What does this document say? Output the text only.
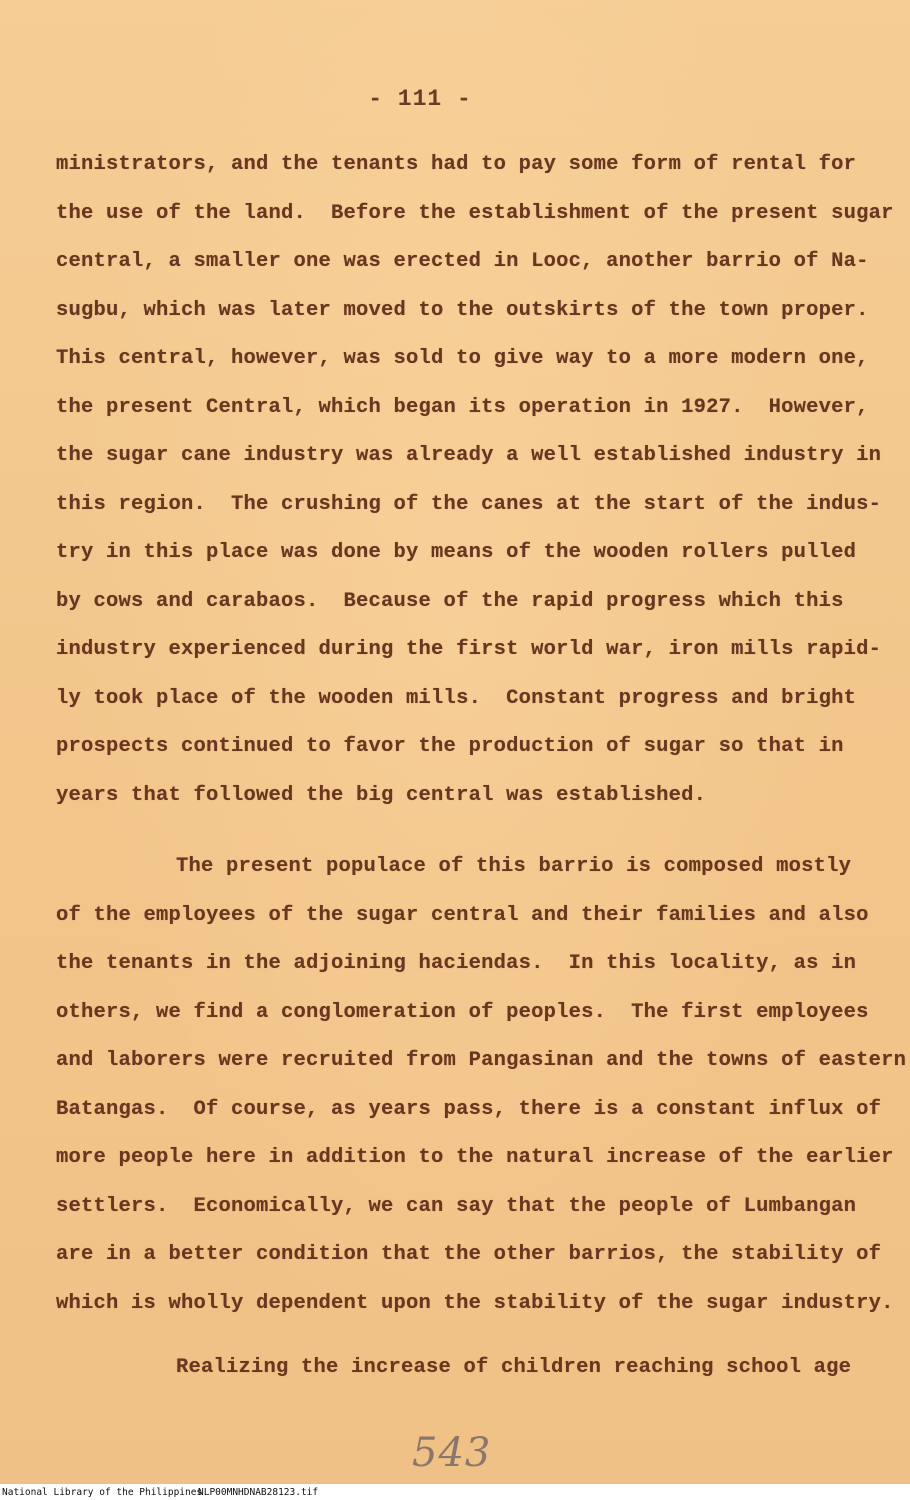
- 111 -
ministrators, and the tenants had to pay some form of rental for
the use of the land.  Before the establishment of the present sugar
central, a smaller one was erected in Looc, another barrio of Na-
sugbu, which was later moved to the outskirts of the town proper.
This central, however, was sold to give way to a more modern one,
the present Central, which began its operation in 1927.  However,
the sugar cane industry was already a well established industry in
this region.  The crushing of the canes at the start of the indus-
try in this place was done by means of the wooden rollers pulled
by cows and carabaos.  Because of the rapid progress which this
industry experienced during the first world war, iron mills rapid-
ly took place of the wooden mills.  Constant progress and bright
prospects continued to favor the production of sugar so that in
years that followed the big central was established.
The present populace of this barrio is composed mostly
of the employees of the sugar central and their families and also
the tenants in the adjoining haciendas.  In this locality, as in
others, we find a conglomeration of peoples.  The first employees
and laborers were recruited from Pangasinan and the towns of eastern
Batangas.  Of course, as years pass, there is a constant influx of
more people here in addition to the natural increase of the earlier
settlers.  Economically, we can say that the people of Lumbangan
are in a better condition that the other barrios, the stability of
which is wholly dependent upon the stability of the sugar industry.
Realizing the increase of children reaching school age
543
National Library of the Philippines
NLP00MNHDNAB28123.tif
